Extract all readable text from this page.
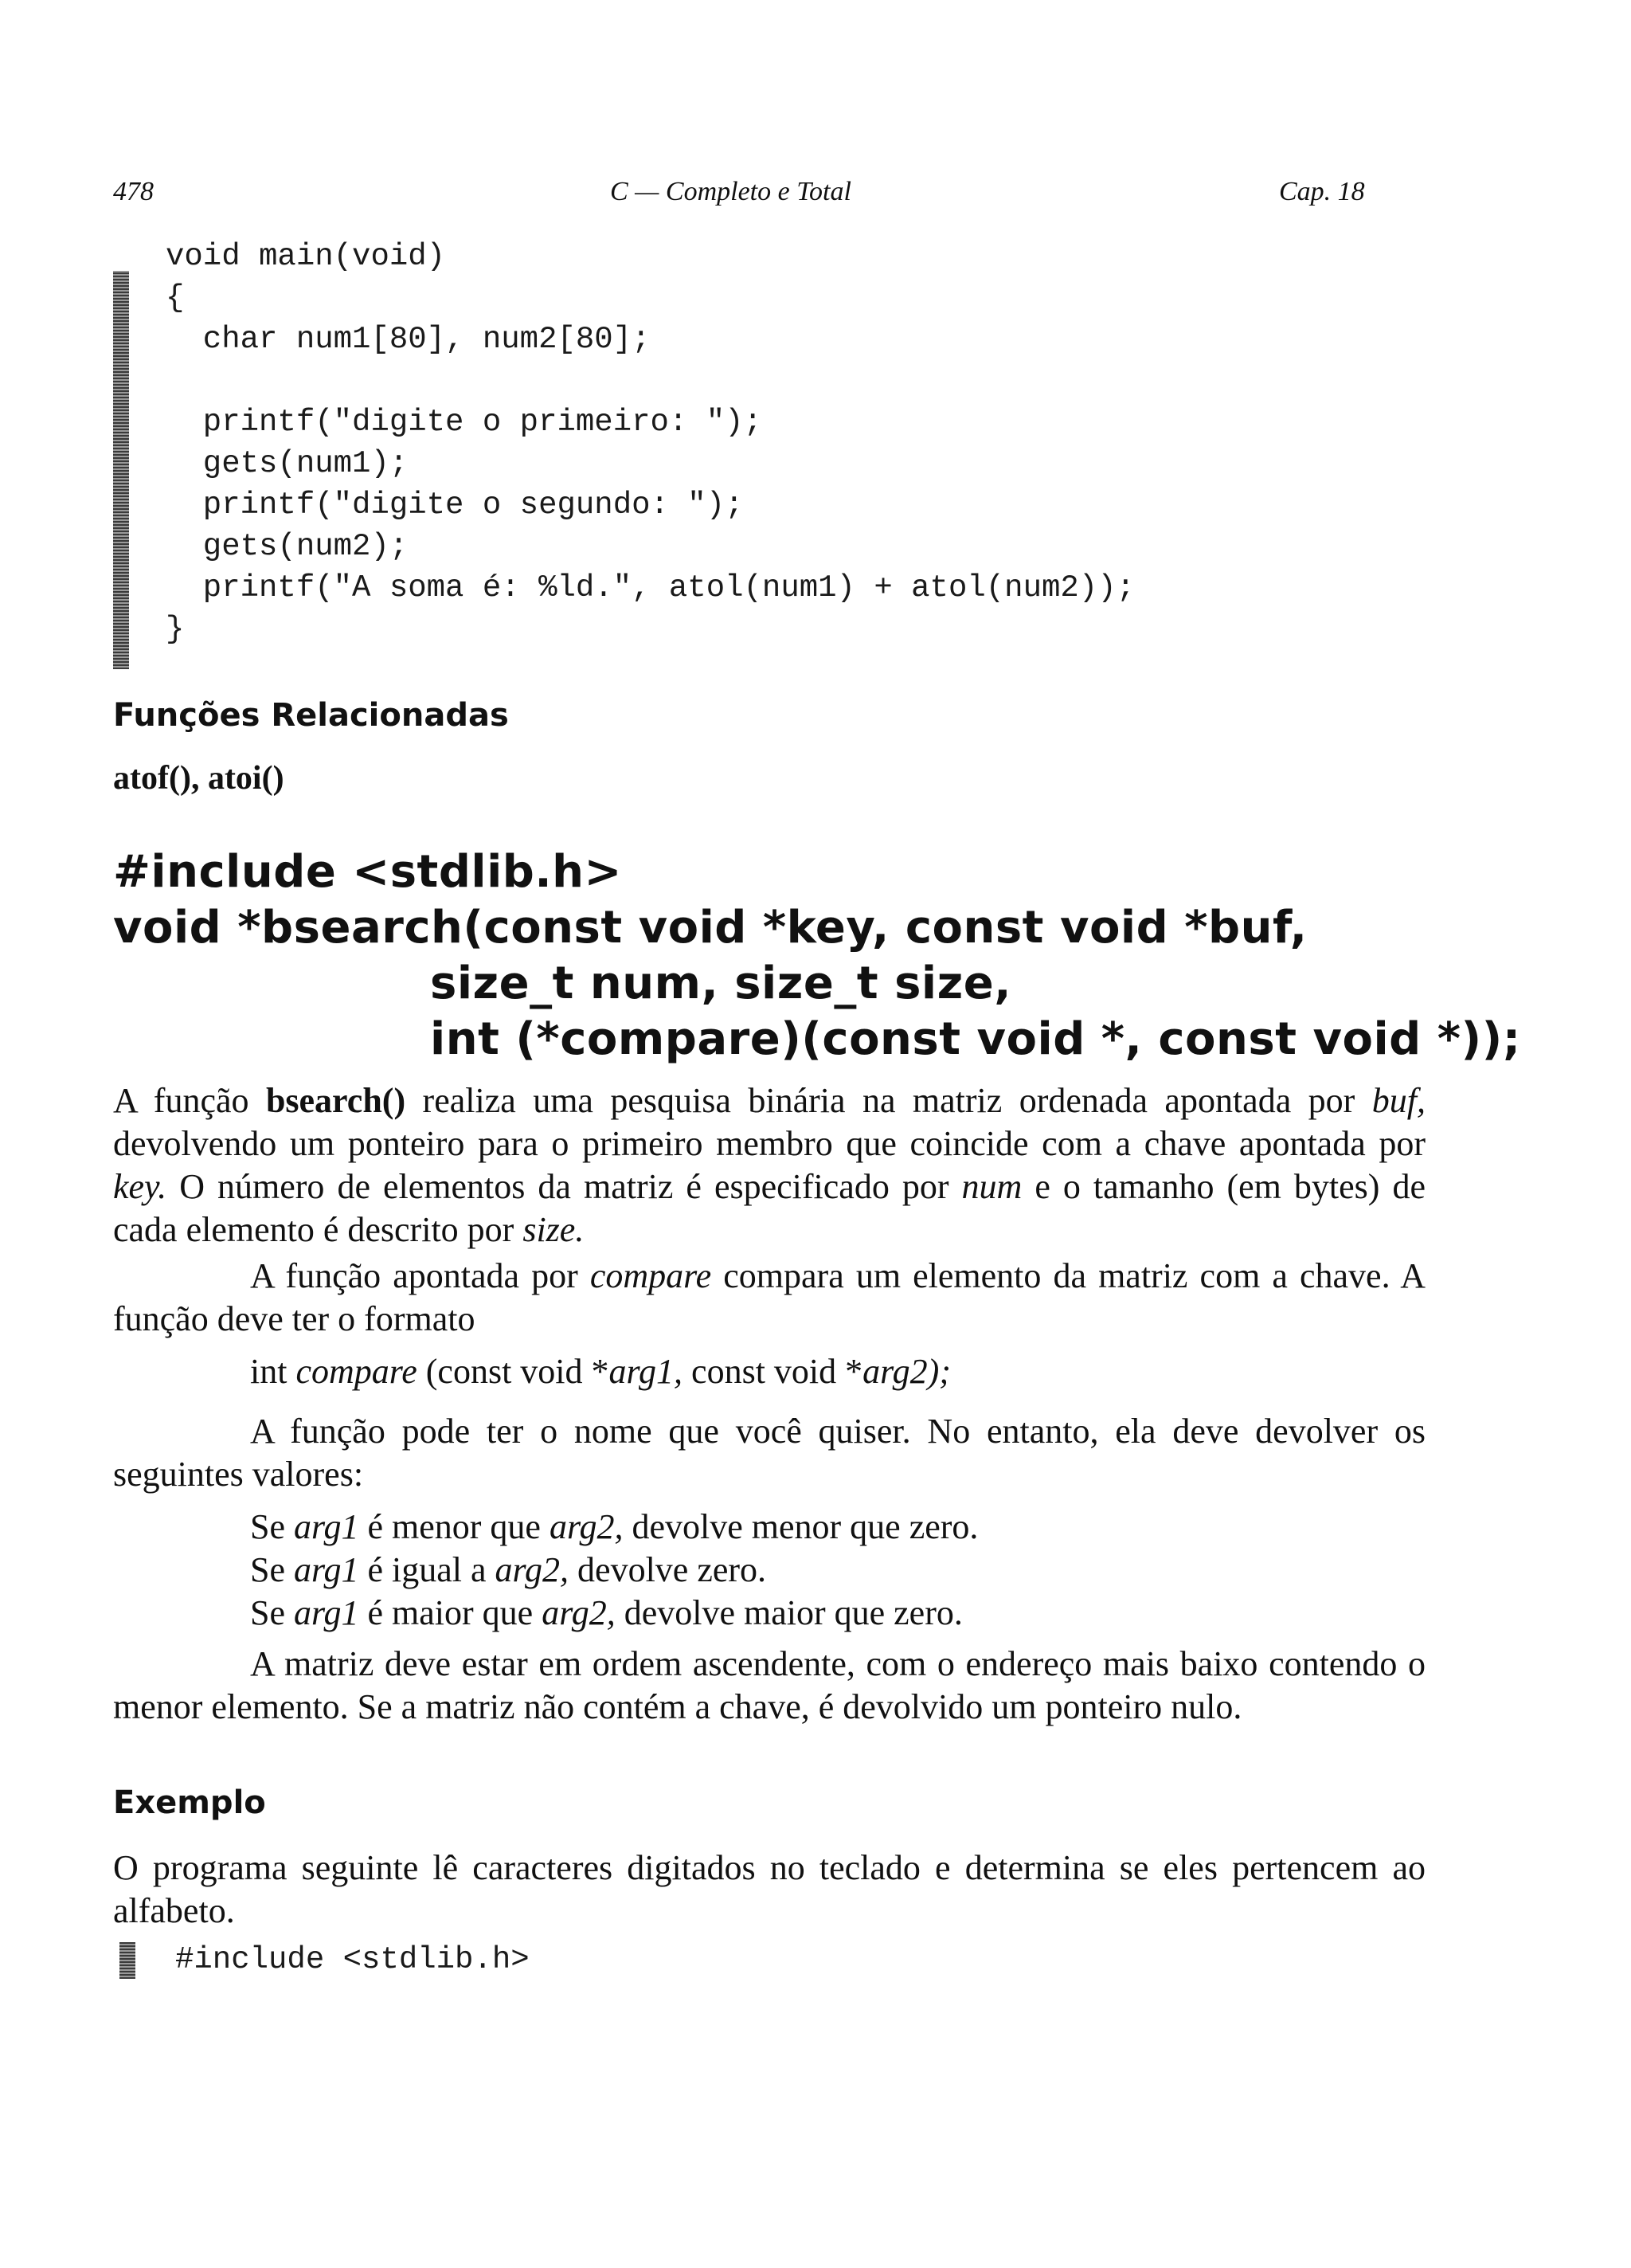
478	C — Completo e Total	Cap. 18
void main(void)
{
char num1[80], num2[80];

printf("digite o primeiro: ");
gets(num1);
printf("digite o segundo: ");
gets(num2);
printf("A soma é: %ld.", atol(num1) + atol(num2));
}
Funções Relacionadas
atof(), atoi()
#include <stdlib.h>
void *bsearch(const void *key, const void *buf,
size_t num, size_t size,
int (*compare)(const void *, const void *));

A função bsearch() realiza uma pesquisa binária na matriz ordenada apontada por buf, devolvendo um ponteiro para o primeiro membro que coincide com a chave apontada por key. O número de elementos da matriz é especificado por num e o tamanho (em bytes) de cada elemento é descrito por size.

A função apontada por compare compara um elemento da matriz com a chave. A função deve ter o formato

int compare (const void *arg1, const void *arg2);

A função pode ter o nome que você quiser. No entanto, ela deve devolver os seguintes valores:

Se arg1 é menor que arg2, devolve menor que zero.
Se arg1 é igual a arg2, devolve zero.
Se arg1 é maior que arg2, devolve maior que zero.

A matriz deve estar em ordem ascendente, com o endereço mais baixo contendo o menor elemento. Se a matriz não contém a chave, é devolvido um ponteiro nulo.

Exemplo

O programa seguinte lê caracteres digitados no teclado e determina se eles pertencem ao alfabeto.

#include <stdlib.h>
